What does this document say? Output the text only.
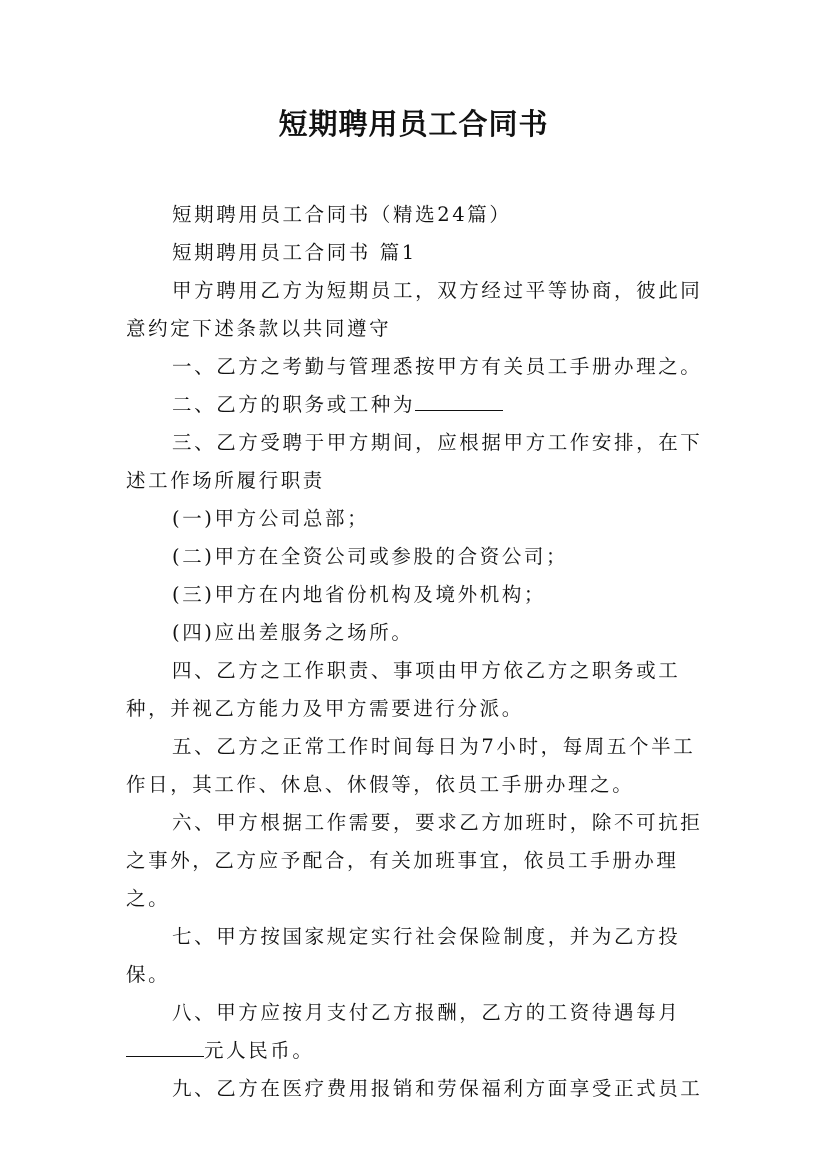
短期聘用员工合同书

短期聘用员工合同书（精选24篇）

短期聘用员工合同书 篇1

甲方聘用乙方为短期员工，双方经过平等协商，彼此同意约定下述条款以共同遵守

一、乙方之考勤与管理悉按甲方有关员工手册办理之。

二、乙方的职务或工种为

三、乙方受聘于甲方期间，应根据甲方工作安排，在下述工作场所履行职责

(一)甲方公司总部；

(二)甲方在全资公司或参股的合资公司；

(三)甲方在内地省份机构及境外机构；

(四)应出差服务之场所。

四、乙方之工作职责、事项由甲方依乙方之职务或工种，并视乙方能力及甲方需要进行分派。

五、乙方之正常工作时间每日为7小时，每周五个半工作日，其工作、休息、休假等，依员工手册办理之。

六、甲方根据工作需要，要求乙方加班时，除不可抗拒之事外，乙方应予配合，有关加班事宜，依员工手册办理之。

七、甲方按国家规定实行社会保险制度，并为乙方投保。

八、甲方应按月支付乙方报酬，乙方的工资待遇每月元人民币。

九、乙方在医疗费用报销和劳保福利方面享受正式员工
